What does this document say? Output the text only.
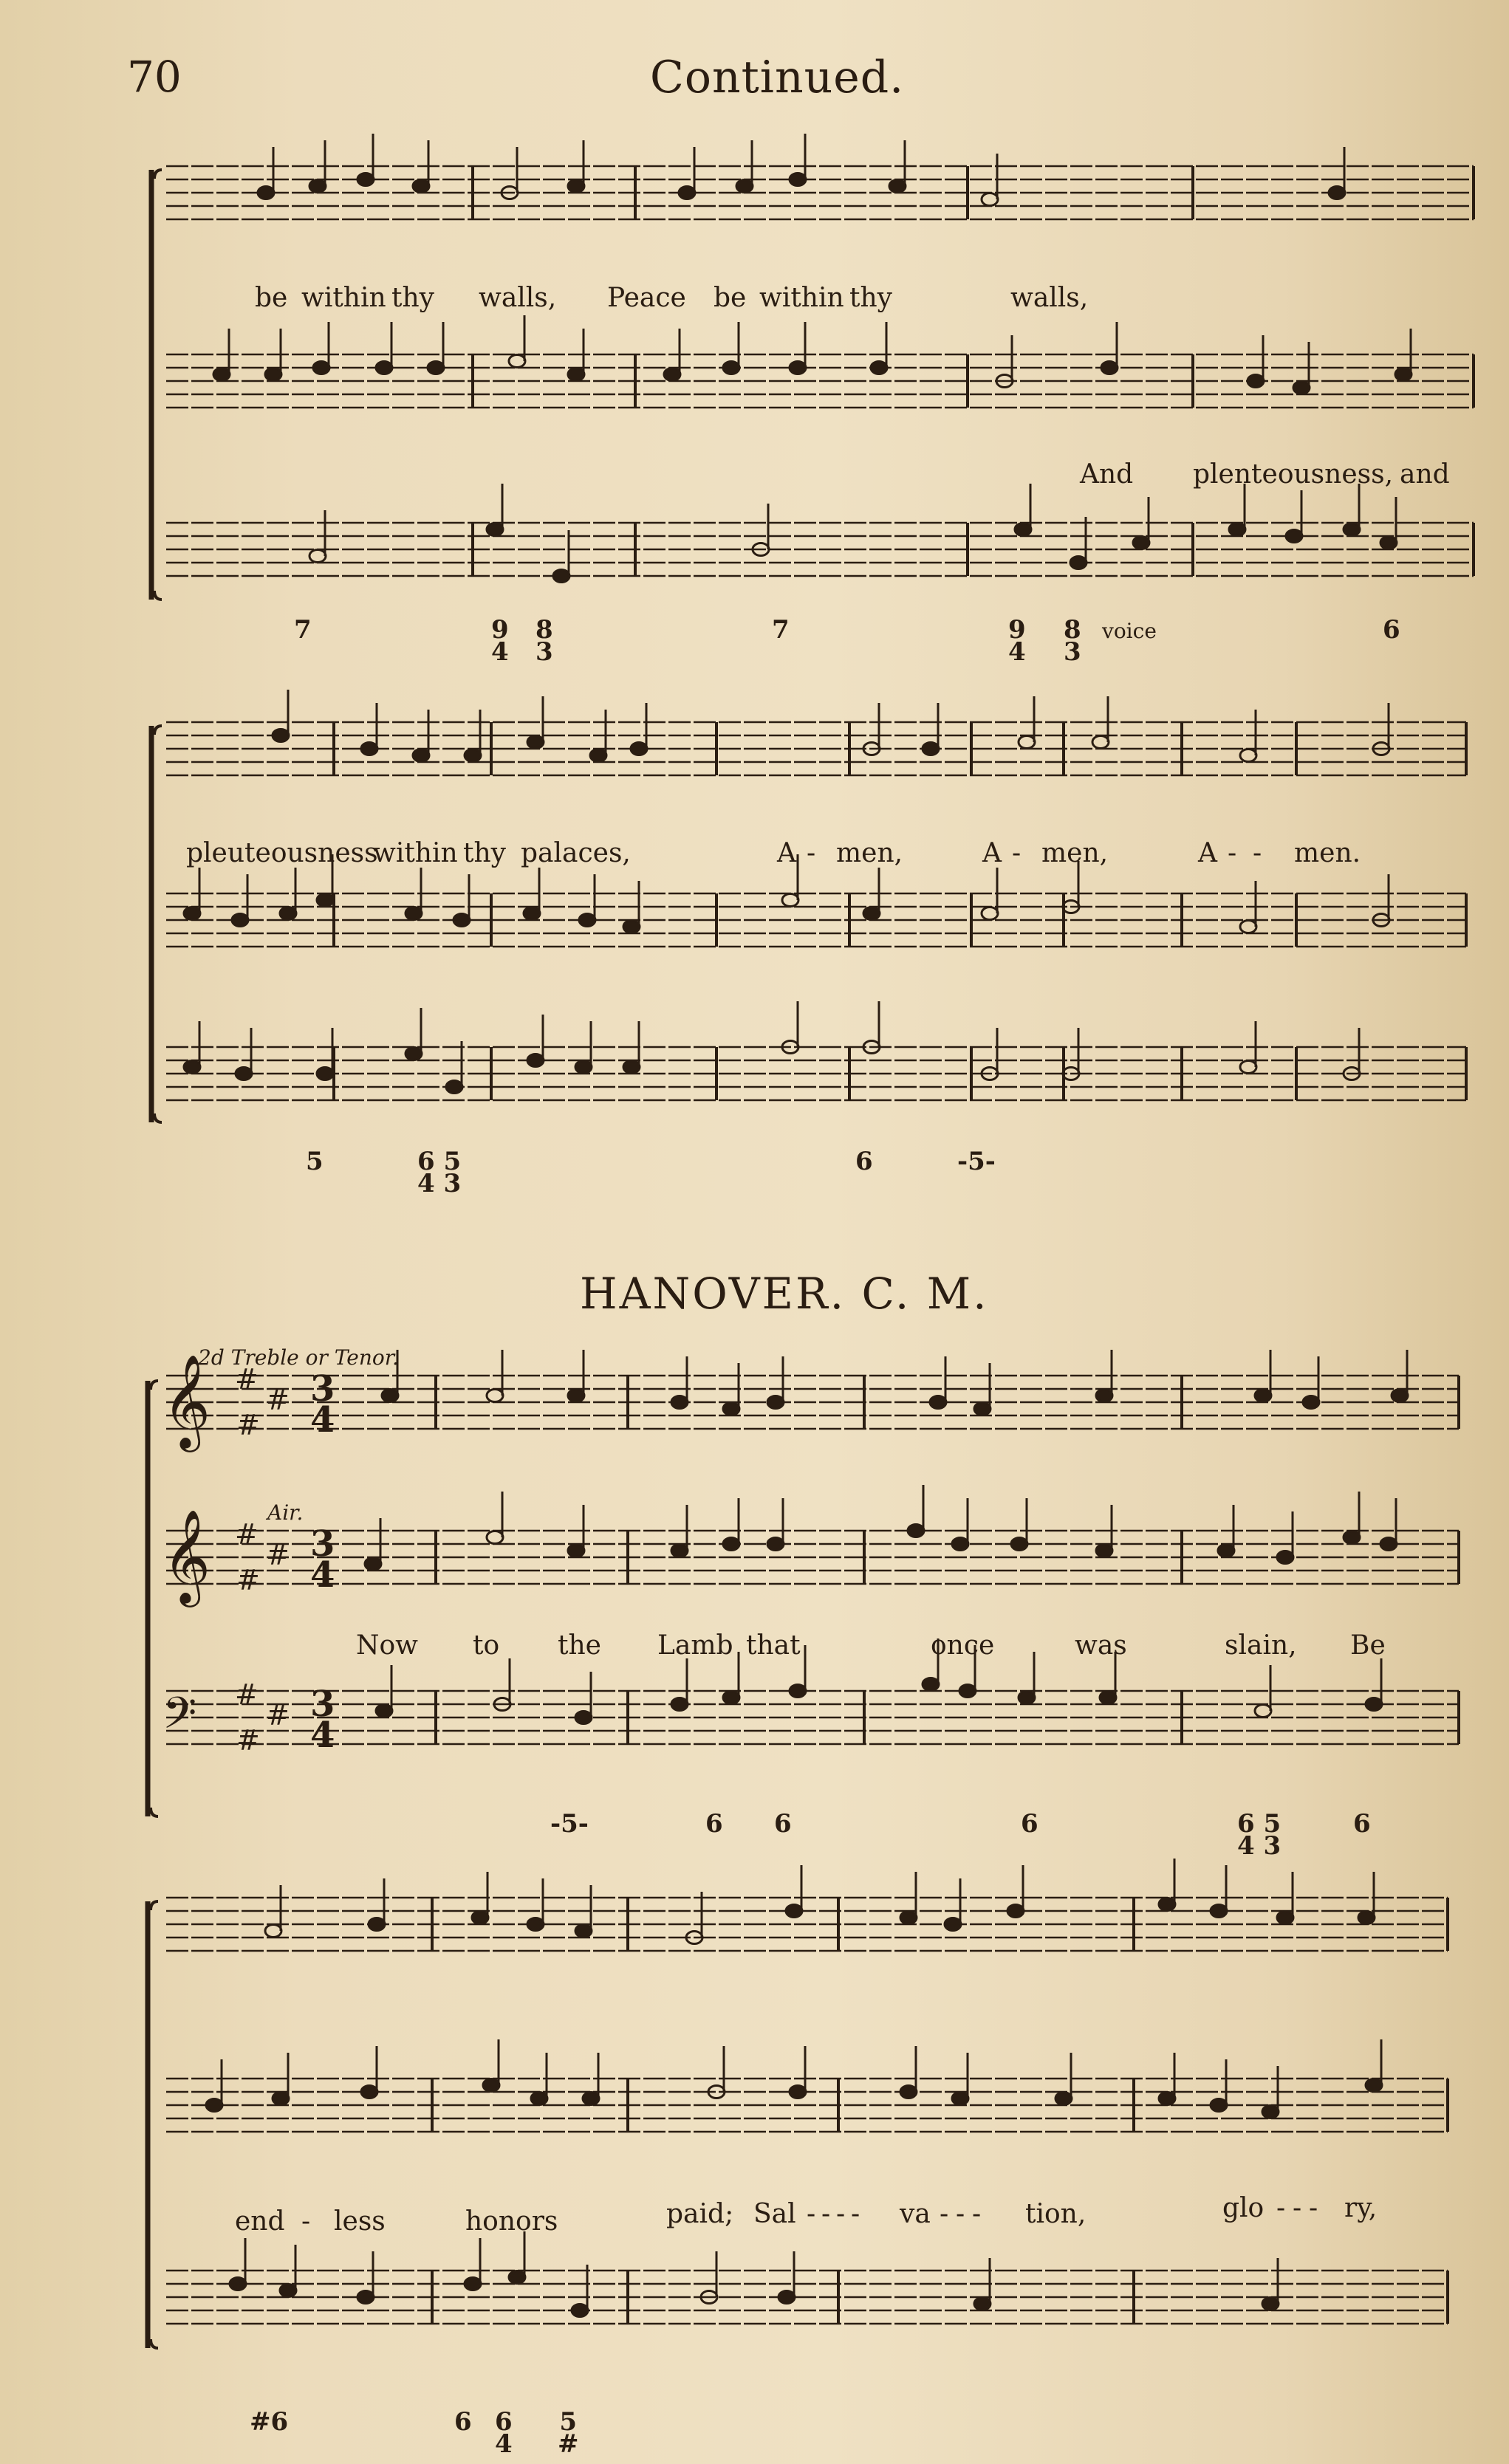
70	Continued.
HANOVER. C. M.
2d Treble or Tenor.
Air.
𝄞
𝄞
𝄢
#
#
#
3
4
#
#
#
3
4
#
#
#
3
4
be within thy walls, Peace be within thy	walls,
And plenteousness, and
pleuteousness
within thy palaces,	A - men,	A - men,	A - - men.
Now to the Lamb that	once	was	slain, Be
end - less	honors	paid; Sal - - - - va - - - tion,	glo - - - ry,
7	9
4
8
3
7	9
4
8
3
6
voice
5	6 5
4 3
6	-5-
-5-	6 6	6	6 5
4 3
6
#6	6 6
4
5
#
